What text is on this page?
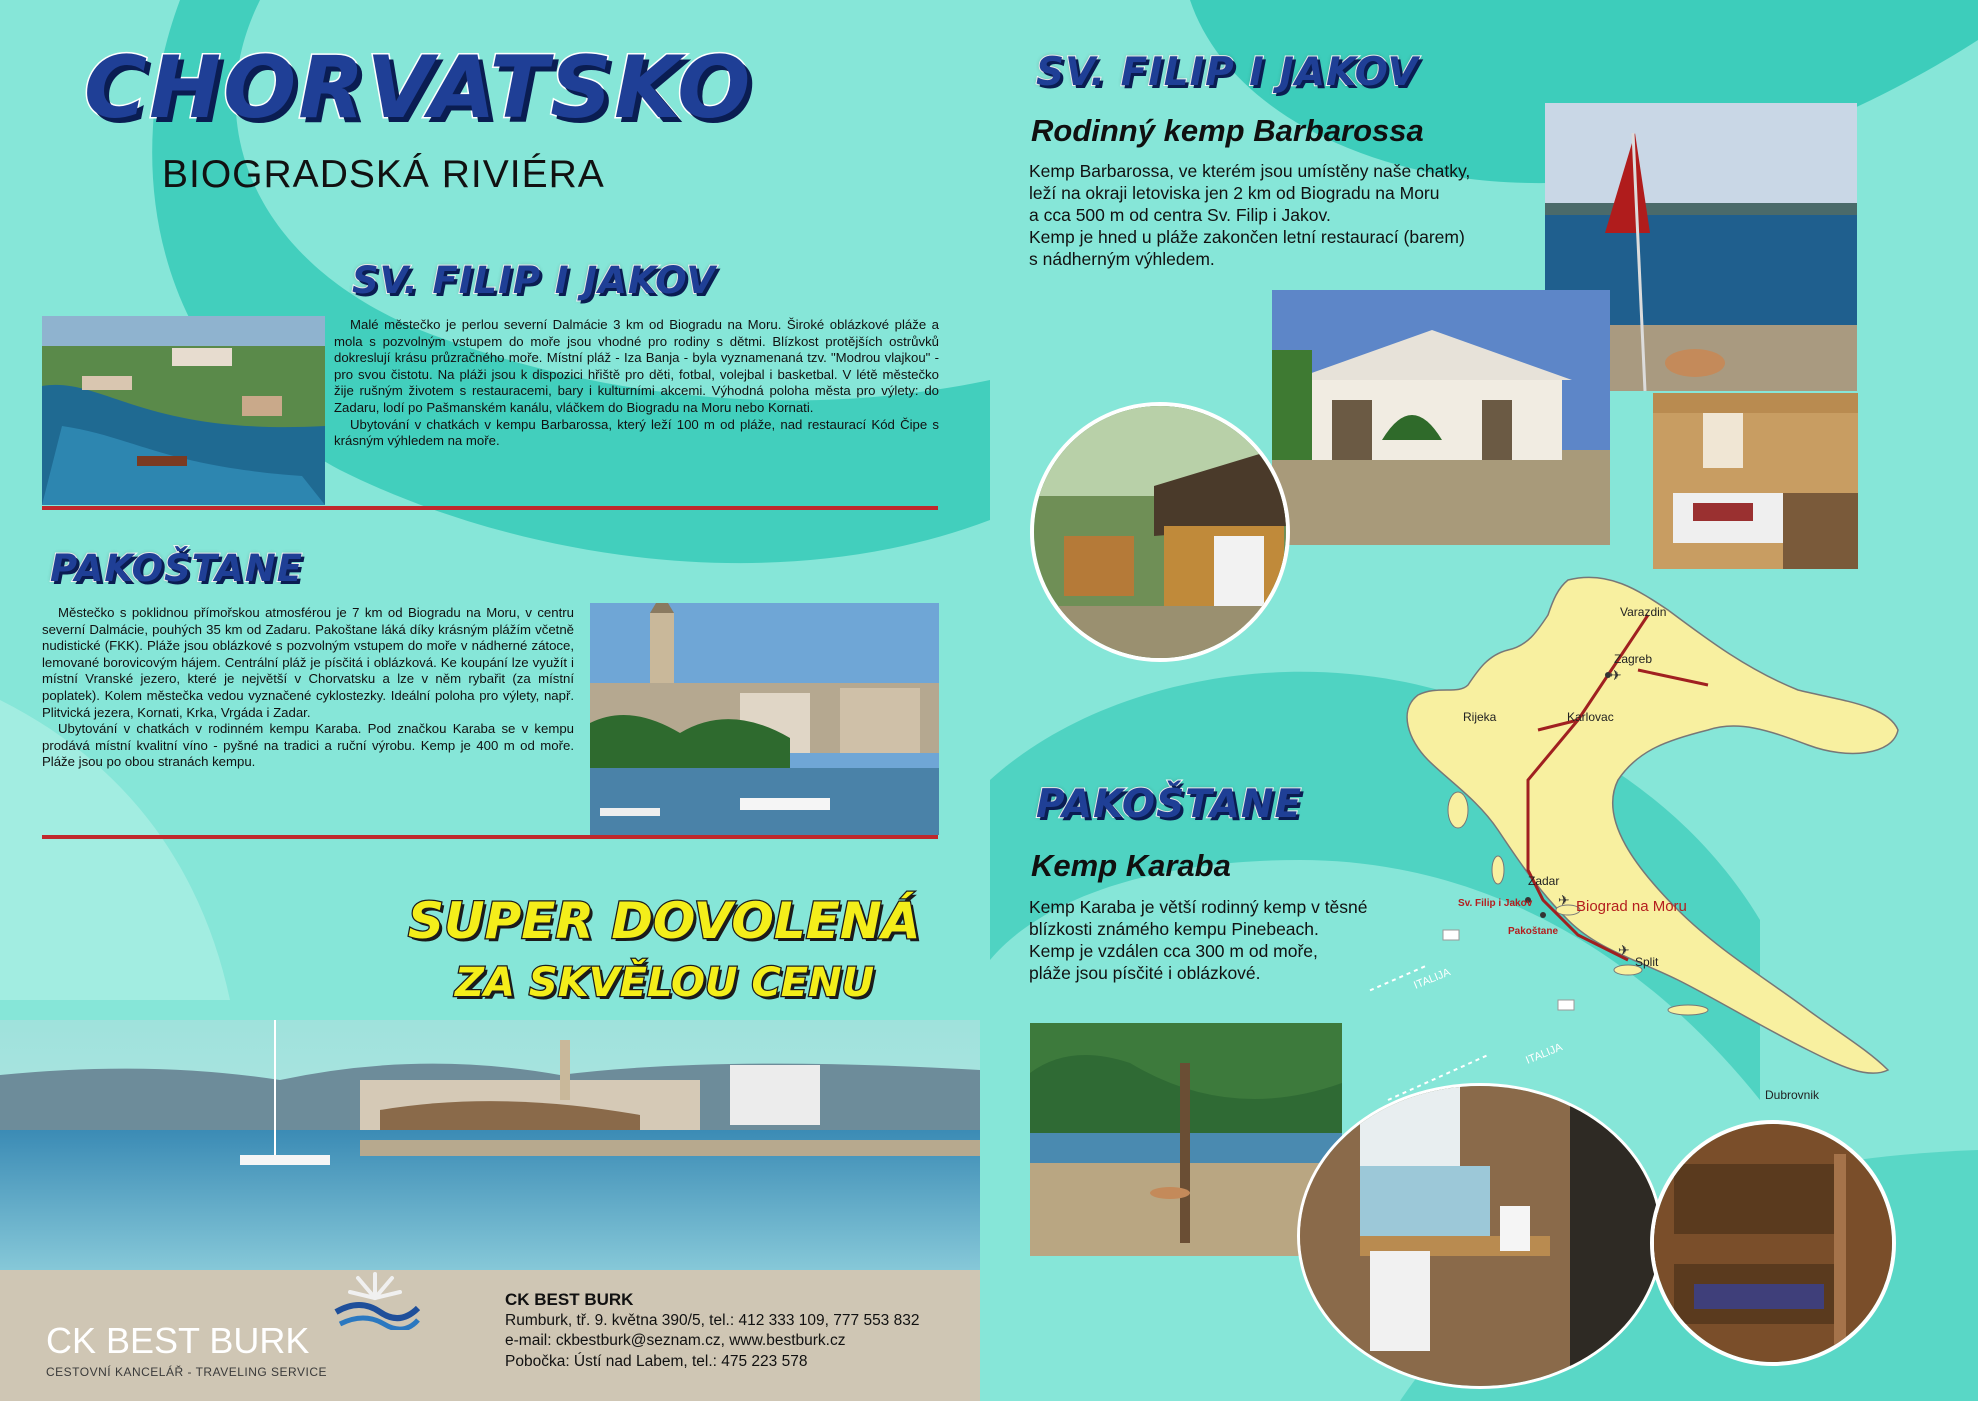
CHORVATSKO
BIOGRADSKÁ RIVIÉRA
SV. FILIP I JAKOV

Malé městečko je perlou severní Dalmácie 3 km od Biogradu na Moru. Široké oblázkové pláže a mola s pozvolným vstupem do moře jsou vhodné pro rodiny s dětmi. Blízkost protějších ostrůvků dokreslují krásu průzračného moře. Místní pláž - Iza Banja - byla vyznamenaná tzv. "Modrou vlajkou" - pro svou čistotu. Na pláži jsou k dispozici hřiště pro děti, fotbal, volejbal i basketbal. V létě městečko žije rušným životem s restauracemi, bary i kulturními akcemi. Výhodná poloha města pro výlety: do Zadaru, lodí po Pašmanském kanálu, vláčkem do Biogradu na Moru nebo Kornati.

Ubytování v chatkách v kempu Barbarossa, který leží 100 m od pláže, nad restaurací Kód Čipe s krásným výhledem na moře.

PAKOŠTANE

Městečko s poklidnou přímořskou atmosférou je 7 km od Biogradu na Moru, v centru severní Dalmácie, pouhých 35 km od Zadaru. Pakoštane láká díky krásným plážím včetně nudistické (FKK). Pláže jsou oblázkové s pozvolným vstupem do moře v nádherné zátoce, lemované borovicovým hájem. Centrální pláž je písčitá i oblázková. Ke koupání lze využít i místní Vranské jezero, které je největší v Chorvatsku a lze v něm rybařit (za místní poplatek). Kolem městečka vedou vyznačené cyklostezky. Ideální poloha pro výlety, např. Plitvická jezera, Kornati, Krka, Vrgáda i Zadar.

Ubytování v chatkách v rodinném kempu Karaba. Pod značkou Karaba se v kempu prodává místní kvalitní víno - pyšné na tradici a ruční výrobu. Kemp je 400 m od moře. Pláže jsou po obou stranách kempu.

SUPER DOVOLENÁ
ZA SKVĚLOU CENU
CK BEST BURK
CESTOVNÍ KANCELÁŘ - TRAVELING SERVICE
CK BEST BURK
Rumburk, tř. 9. května 390/5, tel.: 412 333 109, 777 553 832
e-mail: ckbestburk@seznam.cz, www.bestburk.cz
Pobočka: Ústí nad Labem, tel.: 475 223 578
SV. FILIP I JAKOV
Rodinný kemp Barbarossa

Kemp Barbarossa, ve kterém jsou umístěny naše chatky,

leží na okraji letoviska jen 2 km od Biogradu na Moru

a cca 500 m od centra Sv. Filip i Jakov.

Kemp je hned u pláže zakončen letní restaurací (barem)

s nádherným výhledem.

✈
✈
✈
Varazdin
Zagreb
Rijeka	Karlovac
Zadar
Sv. Filip i Jakov	Biograd na Moru
Pakoštane
Split
Dubrovnik
ITALIJA
ITALIJA
PAKOŠTANE
Kemp Karaba

Kemp Karaba je větší rodinný kemp v těsné

blízkosti známého kempu Pinebeach.

Kemp je vzdálen cca 300 m od moře,

pláže jsou písčité i oblázkové.
